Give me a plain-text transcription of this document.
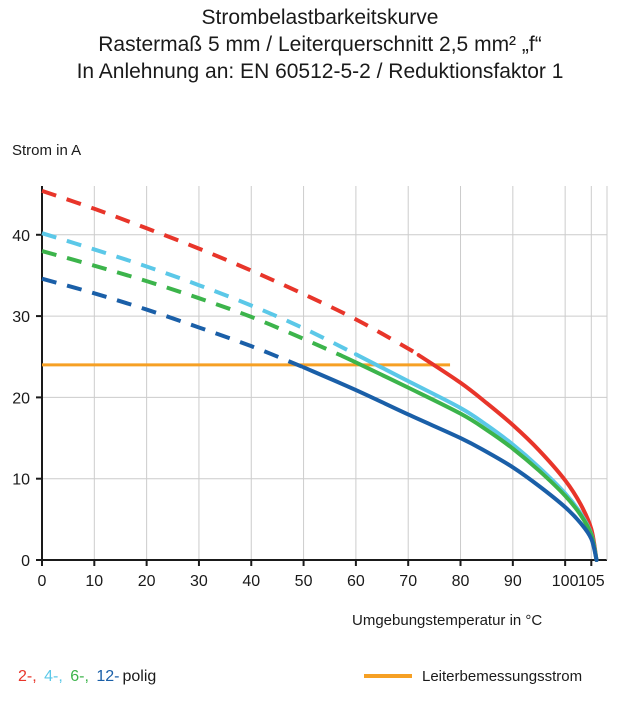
Strombelastbarkeitskurve
Rastermaß 5 mm / Leiterquerschnitt 2,5 mm² „f“
In Anlehnung an: EN 60512-5-2 / Reduktionsfaktor 1
Strom in A
Umgebungstemperatur in °C
0 10 20 30 40 50 60 70 80 90 100 105
0
10
20
30
40
2-, 4-, 6-, 12- polig	Leiterbemessungsstrom
